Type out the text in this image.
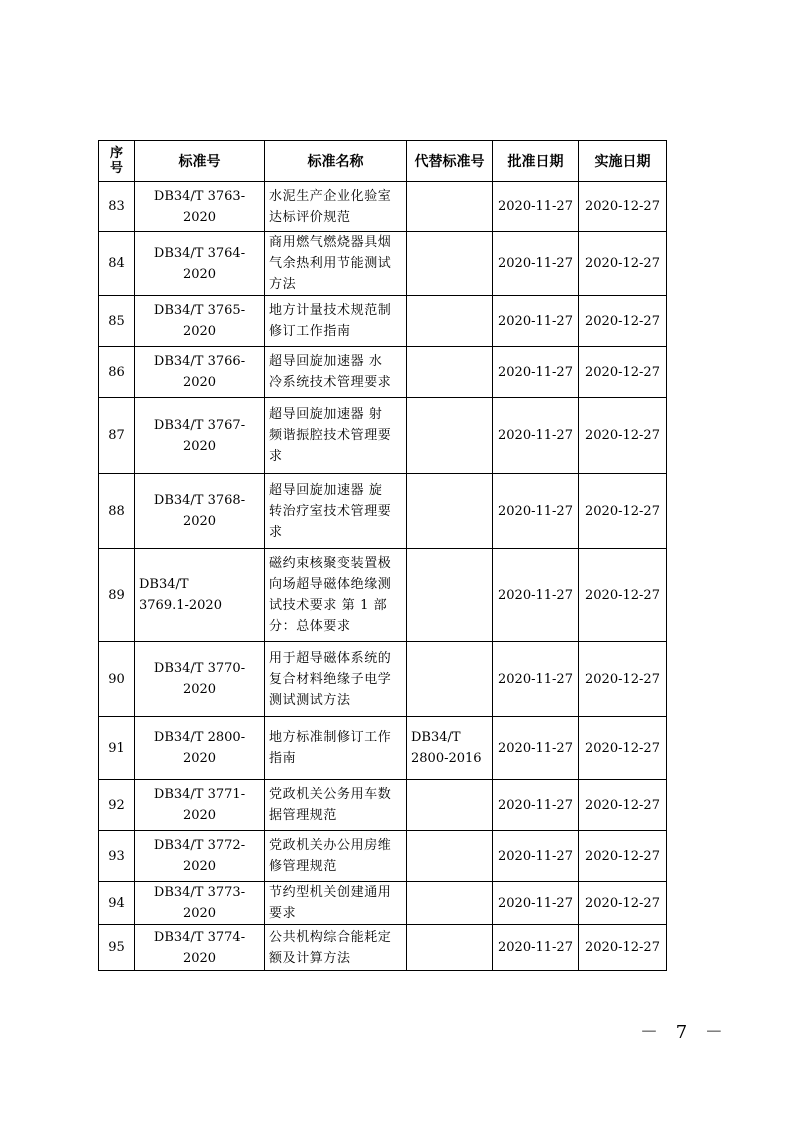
序
号	标准号	标准名称	代替标准号	批准日期	实施日期
83	DB34/T 3763-2020	水泥生产企业化验室
达标评价规范		2020-11-27	2020-12-27
84	DB34/T 3764-2020	商用燃气燃烧器具烟
气余热利用节能测试
方法		2020-11-27	2020-12-27
85	DB34/T 3765-2020	地方计量技术规范制
修订工作指南		2020-11-27	2020-12-27
86	DB34/T 3766-2020	超导回旋加速器 水
冷系统技术管理要求		2020-11-27	2020-12-27
87	DB34/T 3767-2020	超导回旋加速器 射
频谐振腔技术管理要
求		2020-11-27	2020-12-27
88	DB34/T 3768-2020	超导回旋加速器 旋
转治疗室技术管理要
求		2020-11-27	2020-12-27
89	DB34/T
3769.1-2020	磁约束核聚变装置极
向场超导磁体绝缘测
试技术要求 第 1 部
分：总体要求		2020-11-27	2020-12-27
90	DB34/T 3770-2020	用于超导磁体系统的
复合材料绝缘子电学
测试测试方法		2020-11-27	2020-12-27
91	DB34/T 2800-2020	地方标准制修订工作
指南	DB34/T
2800-2016	2020-11-27	2020-12-27
92	DB34/T 3771-2020	党政机关公务用车数
据管理规范		2020-11-27	2020-12-27
93	DB34/T 3772-2020	党政机关办公用房维
修管理规范		2020-11-27	2020-12-27
94	DB34/T 3773-2020	节约型机关创建通用
要求		2020-11-27	2020-12-27
95	DB34/T 3774-2020	公共机构综合能耗定
额及计算方法		2020-11-27	2020-12-27
－ 7 －
